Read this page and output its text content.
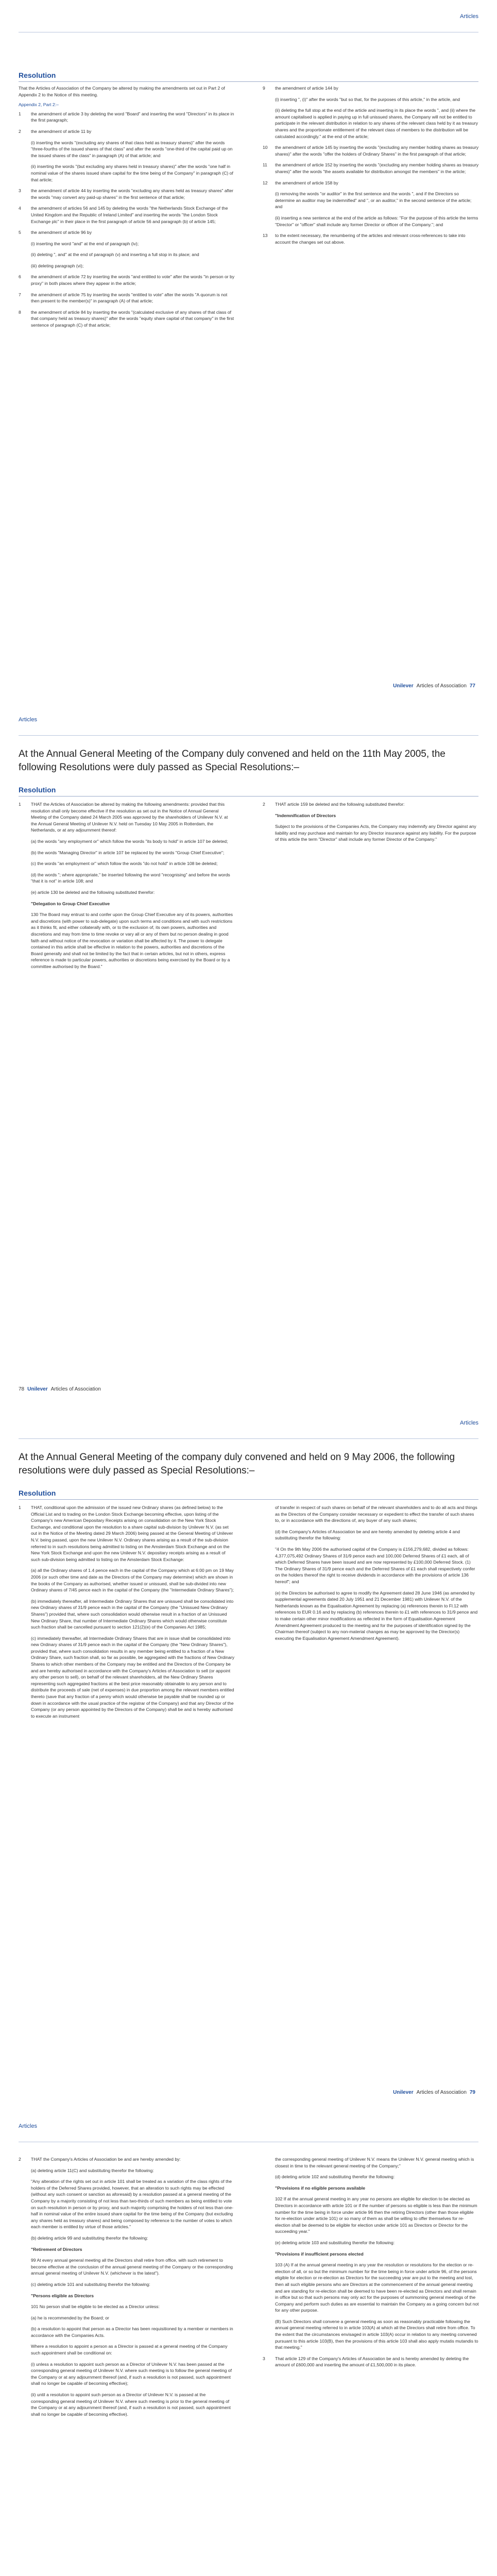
Articles
Resolution

That the Articles of Association of the Company be altered by making the amendments set out in Part 2 of Appendix 2 to the Notice of this meeting.

Appendix 2, Part 2:–
1 the amendment of article 3 by deleting the word "Board" and inserting the word "Directors" in its place in the first paragraph;
2 the amendment of article 11 by
(i) inserting the words "(excluding any shares of that class held as treasury shares)" after the words "three-fourths of the issued shares of that class" and after the words "one-third of the capital paid up on the issued shares of the class" in paragraph (A) of that article; and
(ii) inserting the words "(but excluding any shares held in treasury shares)" after the words "one half in nominal value of the shares issued share capital for the time being of the Company" in paragraph (C) of that article;
3 the amendment of article 44 by inserting the words "excluding any shares held as treasury shares" after the words "may convert any paid-up shares" in the first sentence of that article;
4 the amendment of articles 56 and 145 by deleting the words "the Netherlands Stock Exchange of the United Kingdom and the Republic of Ireland Limited" and inserting the words "the London Stock Exchange plc" in their place in the first paragraph of article 56 and paragraph (b) of article 145;
5 the amendment of article 96 by
(i) inserting the word "and" at the end of paragraph (iv);
(ii) deleting ", and" at the end of paragraph (v) and inserting a full stop in its place; and
(iii) deleting paragraph (vi);
6 the amendment of article 72 by inserting the words "and entitled to vote" after the words "in person or by proxy" in both places where they appear in the article;
7 the amendment of article 75 by inserting the words "entitled to vote" after the words "A quorum is not then present to the member(s)" in paragraph (A) of that article;
8 the amendment of article 84 by inserting the words "(calculated exclusive of any shares of that class of that company held as treasury shares)" after the words "equity share capital of that company" in the first sentence of paragraph (C) of that article;
9 the amendment of article 144 by
(i) inserting ", (i)" after the words "but so that, for the purposes of this article," in the article, and
(ii) deleting the full stop at the end of the article and inserting in its place the words ", and (ii) where the amount capitalised is applied in paying up in full unissued shares, the Company will not be entitled to participate in the relevant distribution in relation to any shares of the relevant class held by it as treasury shares and the proportionate entitlement of the relevant class of members to the distribution will be calculated accordingly." at the end of the article;
10 the amendment of article 145 by inserting the words "(excluding any member holding shares as treasury shares)" after the words "offer the holders of Ordinary Shares" in the first paragraph of that article;
11 the amendment of article 152 by inserting the words "(excluding any member holding shares as treasury shares)" after the words "the assets available for distribution amongst the members" in the article;
12 the amendment of article 158 by
(i) removing the words "or auditor" in the first sentence and the words ", and if the Directors so determine an auditor may be indemnified" and ", or an auditor," in the second sentence of the article; and
(ii) inserting a new sentence at the end of the article as follows: "For the purpose of this article the terms "Director" or "officer" shall include any former Director or officer of the Company."; and
13 to the extent necessary, the renumbering of the articles and relevant cross-references to take into account the changes set out above.
Unilever Articles of Association 77
Articles
At the Annual General Meeting of the Company duly convened and held on the 11th May 2005, the following Resolutions were duly passed as Special Resolutions:–
Resolution
1 THAT the Articles of Association be altered by making the following amendments: provided that this resolution shall only become effective if the resolution as set out in the Notice of Annual General Meeting of the Company dated 24 March 2005 was approved by the shareholders of Unilever N.V. at the Annual General Meeting of Unilever N.V. held on Tuesday 10 May 2005 in Rotterdam, the Netherlands, or at any adjournment thereof:
(a) the words "any employment or" which follow the words "its body to hold" in article 107 be deleted;
(b) the words "Managing Director" in article 107 be replaced by the words "Group Chief Executive";
(c) the words "an employment or" which follow the words "do not hold" in article 108 be deleted;
(d) the words "; where appropriate," be inserted following the word "recognising" and before the words "that it is not" in article 108; and
(e) article 130 be deleted and the following substituted therefor:
"Delegation to Group Chief Executive
130 The Board may entrust to and confer upon the Group Chief Executive any of its powers, authorities and discretions (with power to sub-delegate) upon such terms and conditions and with such restrictions as it thinks fit, and either collaterally with, or to the exclusion of, its own powers, authorities and discretions and may from time to time revoke or vary all or any of them but no person dealing in good faith and without notice of the revocation or variation shall be affected by it. The power to delegate contained in this article shall be effective in relation to the powers, authorities and discretions of the Board generally and shall not be limited by the fact that in certain articles, but not in others, express reference is made to particular powers, authorities or discretions being exercised by the Board or by a committee authorised by the Board."
2 THAT article 159 be deleted and the following substituted therefor:
"Indemnification of Directors
Subject to the provisions of the Companies Acts, the Company may indemnify any Director against any liability and may purchase and maintain for any Director insurance against any liability. For the purpose of this article the term "Director" shall include any former Director of the Company."
78 Unilever Articles of Association
Articles
At the Annual General Meeting of the company duly convened and held on 9 May 2006, the following resolutions were duly passed as Special Resolutions:–
Resolution
1 THAT, conditional upon the admission of the issued new Ordinary shares (as defined below) to the Official List and to trading on the London Stock Exchange becoming effective, upon listing of the Company's new American Depositary Receipts arising on consolidation on the New York Stock Exchange, and conditional upon the resolution to a share capital sub-division by Unilever N.V. (as set out in the Notice of the Meeting dated 29 March 2006) being passed at the General Meeting of Unilever N.V. being passed, upon the new Unilever N.V. Ordinary shares arising as a result of the sub-division referred to in such resolutions being admitted to listing on the Amsterdam Stock Exchange and on the New York Stock Exchange and upon the new Unilever N.V. depositary receipts arising as a result of such sub-division being admitted to listing on the Amsterdam Stock Exchange:
(a) all the Ordinary shares of 1.4 pence each in the capital of the Company which at 6:00 pm on 19 May 2006 (or such other time and date as the Directors of the Company may determine) which are shown in the books of the Company as authorised, whether issued or unissued, shall be sub-divided into new Ordinary shares of 7/45 pence each in the capital of the Company (the "Intermediate Ordinary Shares");
(b) immediately thereafter, all Intermediate Ordinary Shares that are unissued shall be consolidated into new Ordinary shares of 31/9 pence each in the capital of the Company (the "Unissued New Ordinary Shares") provided that, where such consolidation would otherwise result in a fraction of an Unissued New Ordinary Share, that number of Intermediate Ordinary Shares which would otherwise constitute such fraction shall be cancelled pursuant to section 121(2)(e) of the Companies Act 1985;
(c) immediately thereafter, all Intermediate Ordinary Shares that are in issue shall be consolidated into new Ordinary shares of 31/9 pence each in the capital of the Company (the "New Ordinary Shares"), provided that, where such consolidation results in any member being entitled to a fraction of a New Ordinary Share, such fraction shall, so far as possible, be aggregated with the fractions of New Ordinary Shares to which other members of the Company may be entitled and the Directors of the Company be and are hereby authorised in accordance with the Company's Articles of Association to sell (or appoint any other person to sell), on behalf of the relevant shareholders, all the New Ordinary Shares representing such aggregated fractions at the best price reasonably obtainable to any person and to distribute the proceeds of sale (net of expenses) in due proportion among the relevant members entitled thereto (save that any fraction of a penny which would otherwise be payable shall be rounded up or down in accordance with the usual practice of the registrar of the Company) and that any Director of the Company (or any person appointed by the Directors of the Company) shall be and is hereby authorised to execute an instrument
of transfer in respect of such shares on behalf of the relevant shareholders and to do all acts and things as the Directors of the Company consider necessary or expedient to effect the transfer of such shares to, or in accordance with the directions of, any buyer of any such shares;
(d) the Company's Articles of Association be and are hereby amended by deleting article 4 and substituting therefor the following:
"4 On the 9th May 2006 the authorised capital of the Company is £156,279,682, divided as follows: 4,377,075,492 Ordinary Shares of 31/9 pence each and 100,000 Deferred Shares of £1 each, all of which Deferred Shares have been issued and are now represented by £100,000 Deferred Stock. (1) The Ordinary Shares of 31/9 pence each and the Deferred Shares of £1 each shall respectively confer on the holders thereof the right to receive dividends in accordance with the provisions of article 136 hereof"; and
(e) the Directors be authorised to agree to modify the Agreement dated 28 June 1946 (as amended by supplemental agreements dated 20 July 1951 and 21 December 1981) with Unilever N.V. of the Netherlands known as the Equalisation Agreement by replacing (a) references therein to Fl.12 with references to EUR 0.16 and by replacing (b) references therein to £1 with references to 31/9 pence and to make certain other minor modifications as reflected in the form of Equalisation Agreement Amendment Agreement produced to the meeting and for the purposes of identification signed by the Chairman thereof (subject to any non-material changes as may be approved by the Director(s) executing the Equalisation Agreement Amendment Agreement).
Unilever Articles of Association 79
Articles
2 THAT the Company's Articles of Association be and are hereby amended by:
(a) deleting article 11(C) and substituting therefor the following:
"Any alteration of the rights set out in article 101 shall be treated as a variation of the class rights of the holders of the Deferred Shares provided, however, that an alteration to such rights may be effected (without any such consent or sanction as aforesaid) by a resolution passed at a general meeting of the Company by a majority consisting of not less than two-thirds of such members as being entitled to vote on such resolution in person or by proxy, and such majority comprising the holders of not less than one-half in nominal value of the entire issued share capital for the time being of the Company (but excluding any shares held as treasury shares) and being composed by reference to the number of votes to which each member is entitled by virtue of those articles."
(b) deleting article 99 and substituting therefor the following:
"Retirement of Directors
99 At every annual general meeting all the Directors shall retire from office, with such retirement to become effective at the conclusion of the annual general meeting of the Company or the corresponding annual general meeting of Unilever N.V. (whichever is the latest").
(c) deleting article 101 and substituting therefor the following:
"Persons eligible as Directors
101 No person shall be eligible to be elected as a Director unless:
(a) he is recommended by the Board; or
(b) a resolution to appoint that person as a Director has been requisitioned by a member or members in accordance with the Companies Acts.
Where a resolution to appoint a person as a Director is passed at a general meeting of the Company such appointment shall be conditional on:
(i) unless a resolution to appoint such person as a Director of Unilever N.V. has been passed at the corresponding general meeting of Unilever N.V. where such meeting is to follow the general meeting of the Company or at any adjournment thereof (and, if such a resolution is not passed, such appointment shall no longer be capable of becoming effective);
(ii) until a resolution to appoint such person as a Director of Unilever N.V. is passed at the corresponding general meeting of Unilever N.V. where such meeting is prior to the general meeting of the Company or at any adjournment thereof (and, if such a resolution is not passed, such appointment shall no longer be capable of becoming effective).
the corresponding general meeting of Unilever N.V. means the Unilever N.V. general meeting which is closest in time to the relevant general meeting of the Company;"
(d) deleting article 102 and substituting therefor the following:
"Provisions if no eligible persons available
102 If at the annual general meeting in any year no persons are eligible for election to be elected as Directors in accordance with article 101 or if the number of persons so eligible is less than the minimum number for the time being in force under article 96 then the retiring Directors (other than those eligible for re-election under article 101) or so many of them as shall be willing to offer themselves for re-election shall be deemed to be eligible for election under article 101 as Directors or Director for the succeeding year."
(e) deleting article 103 and substituting therefor the following:
"Provisions if insufficient persons elected
103 (A) If at the annual general meeting in any year the resolution or resolutions for the election or re-election of all, or so but the minimum number for the time being in force under article 96, of the persons eligible for election or re-election as Directors for the succeeding year are put to the meeting and lost, then all such eligible persons who are Directors at the commencement of the annual general meeting and are standing for re-election shall be deemed to have been re-elected as Directors and shall remain in office but so that such persons may only act for the purposes of summoning general meetings of the Company and perform such duties as are essential to maintain the Company as a going concern but not for any other purpose.
(B) Such Directors shall convene a general meeting as soon as reasonably practicable following the annual general meeting referred to in article 103(A) at which all the Directors shall retire from office. To the extent that the circumstances envisaged in article 103(A) occur in relation to any meeting convened pursuant to this article 103(B), then the provisions of this article 103 shall also apply mutatis mutandis to that meeting."
3 That article 129 of the Company's Articles of Association be and is hereby amended by deleting the amount of £600,000 and inserting the amount of £1,500,000 in its place.
